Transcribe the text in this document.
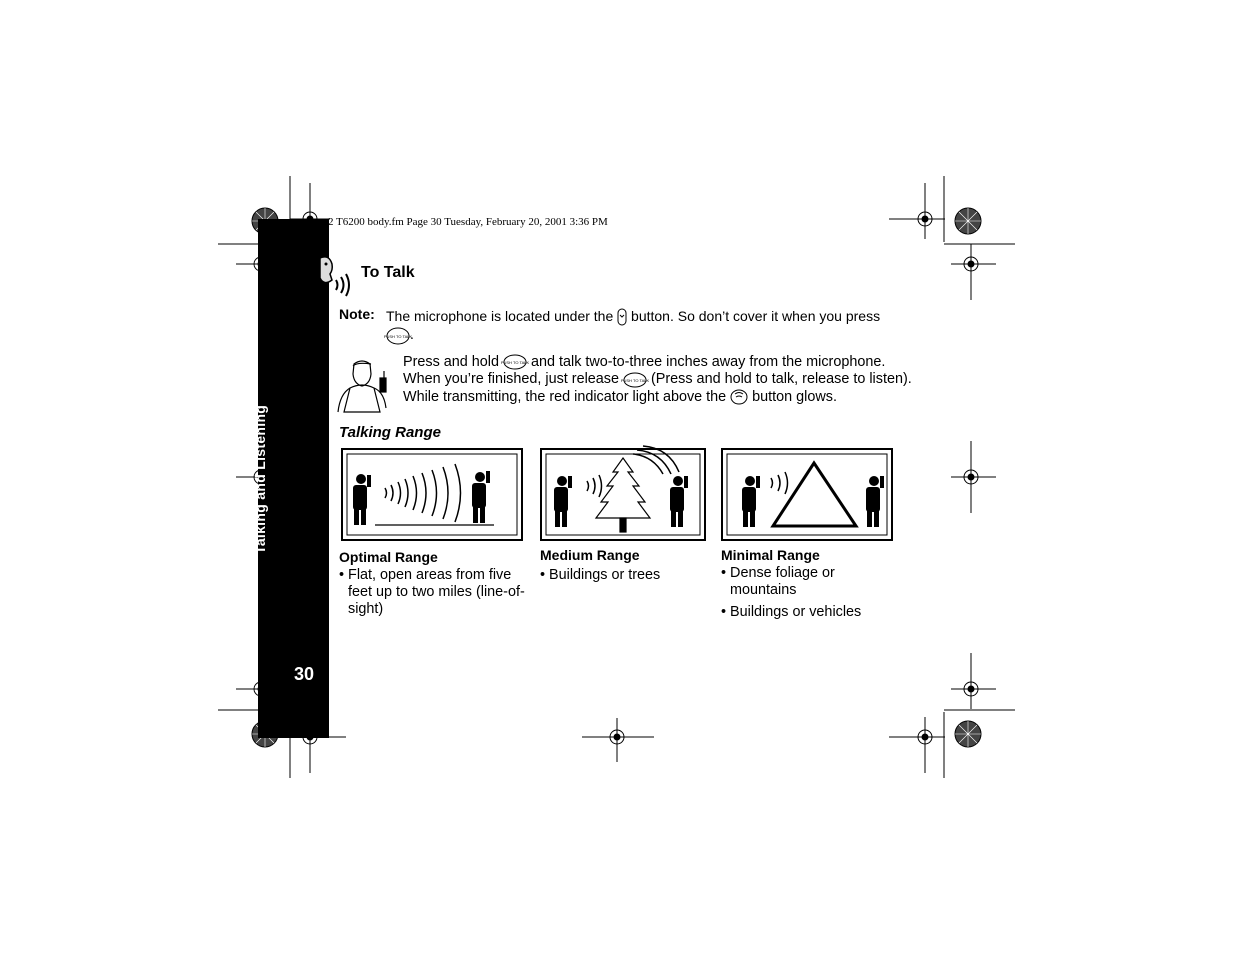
Talking and Listening
30
2 T6200 body.fm Page 30 Tuesday, February 20, 2001 3:36 PM
To Talk
Note: The microphone is located under the button. So don’t cover it when you press

PUSH TO TALK
.
Press and hold PUSH TO TALK and talk two-to-three inches away from the microphone. When you’re finished, just release PUSH TO TALK (Press and hold to talk, release to listen). While transmitting, the red indicator light above the button glows.
Talking Range
Optimal Range
• Flat, open areas from five feet up to two miles (line-of-sight)
Medium Range
• Buildings or trees
Minimal Range
• Dense foliage or mountains
• Buildings or vehicles
